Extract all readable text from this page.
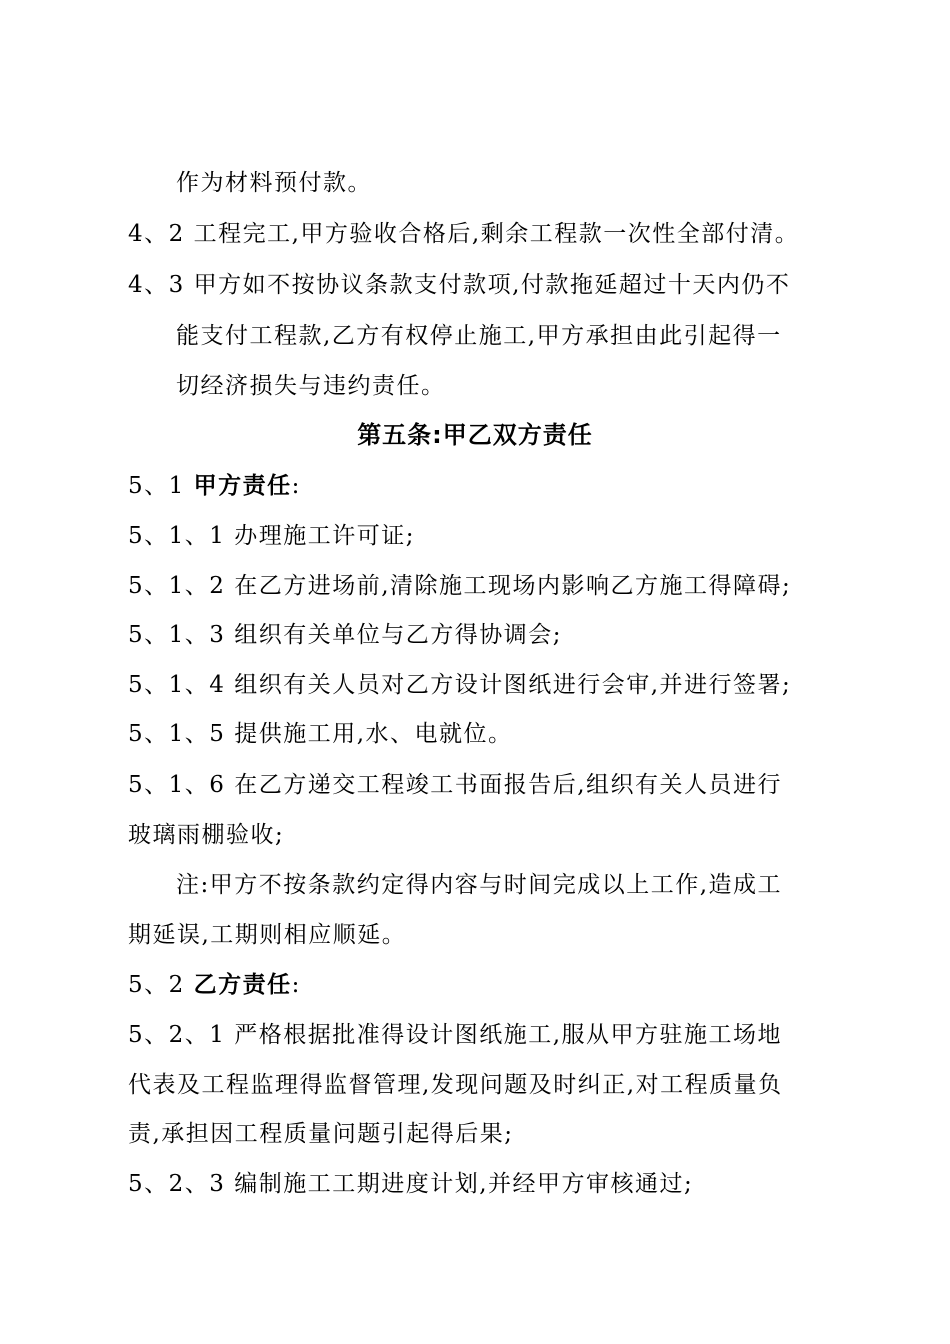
作为材料预付款。
4、2 工程完工,甲方验收合格后,剩余工程款一次性全部付清。
4、3 甲方如不按协议条款支付款项,付款拖延超过十天内仍不
能支付工程款,乙方有权停止施工,甲方承担由此引起得一
切经济损失与违约责任。
第五条:甲乙双方责任
5、1 甲方责任:
5、1、1 办理施工许可证;
5、1、2 在乙方进场前,清除施工现场内影响乙方施工得障碍;
5、1、3 组织有关单位与乙方得协调会;
5、1、4 组织有关人员对乙方设计图纸进行会审,并进行签署;
5、1、5 提供施工用,水、电就位。
5、1、6 在乙方递交工程竣工书面报告后,组织有关人员进行
玻璃雨棚验收;
注:甲方不按条款约定得内容与时间完成以上工作,造成工
期延误,工期则相应顺延。
5、2 乙方责任:
5、2、1 严格根据批准得设计图纸施工,服从甲方驻施工场地
代表及工程监理得监督管理,发现问题及时纠正,对工程质量负
责,承担因工程质量问题引起得后果;
5、2、3 编制施工工期进度计划,并经甲方审核通过;
